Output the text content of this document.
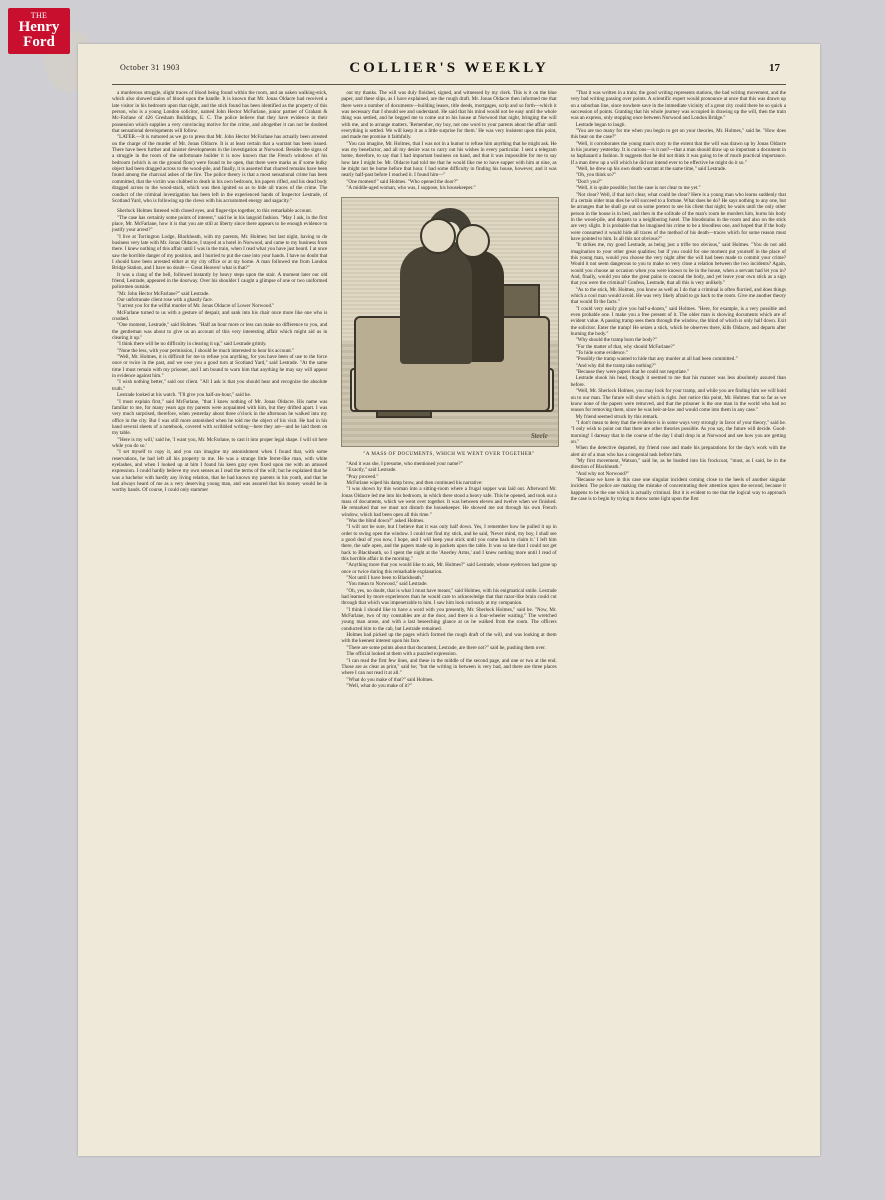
THE
Henry
Ford
October 31 1903	COLLIER'S WEEKLY	17

a murderous struggle, slight traces of blood being found within the room, and an oaken walking-stick, which also showed stains of blood upon the handle. It is known that Mr. Jonas Oldacre had received a late visitor in his bedroom upon that night, and the stick found has been identified as the property of this person, who is a young London solicitor, named John Hector McFarlane, junior partner of Graham & Mc-Farlane of 426 Gresham Buildings, E. C. The police believe that they have evidence in their possession which supplies a very convincing motive for the crime, and altogether it can not be doubted that sensational developments will follow.

"LATER.—It is rumored as we go to press that Mr. John Hector McFarlane has actually been arrested on the charge of the murder of Mr. Jonas Oldacre. It is at least certain that a warrant has been issued. There have been further and sinister developments in the investigation at Norwood. Besides the signs of a struggle in the room of the unfortunate builder it is now known that the French windows of his bedroom (which is on the ground floor) were found to be open, that there were marks as if some bulky object had been dragged across to the wood-pile, and finally, it is asserted that charred remains have been found among the charcoal ashes of the fire. The police theory is that a most sensational crime has been committed, that the victim was clubbed to death in his own bedroom, his papers rifled, and his dead body dragged across to the wood-stack, which was then ignited so as to hide all traces of the crime. The conduct of the criminal investigation has been left in the experienced hands of Inspector Lestrade, of Scotland Yard, who is following up the clews with his accustomed energy and sagacity."

Sherlock Holmes listened with closed eyes, and finger-tips together, to this remarkable account.

"The case has certainly some points of interest," said he in his languid fashion. "May I ask, in the first place, Mr. McFarlane, how it is that you are still at liberty since there appears to be enough evidence to justify your arrest?"

"I live at Torrington Lodge, Blackheath, with my parents, Mr. Holmes; but last night, having to do business very late with Mr. Jonas Oldacre, I stayed at a hotel in Norwood, and came to my business from there. I knew nothing of this affair until I was in the train, when I read what you have just heard. I at once saw the horrible danger of my position, and I hurried to put the case into your hands. I have no doubt that I should have been arrested either at my city office or at my home. A man followed me from London Bridge Station, and I have no doubt— Great Heaven! what is that?"

It was a clang of the bell, followed instantly by heavy steps upon the stair. A moment later our old friend, Lestrade, appeared in the doorway. Over his shoulder I caught a glimpse of one or two uniformed policemen outside.

"Mr. John Hector McFarlane?" said Lestrade.

Our unfortunate client rose with a ghastly face.

"I arrest you for the wilful murder of Mr. Jonas Oldacre of Lower Norwood."

McFarlane turned to us with a gesture of despair, and sank into his chair once more like one who is crushed.

"One moment, Lestrade," said Holmes. "Half an hour more or less can make no difference to you, and the gentleman was about to give us an account of this very interesting affair which might aid us in clearing it up."

"I think there will be no difficulty in clearing it up," said Lestrade grimly.

"None the less, with your permission, I should be much interested to hear his account."

"Well, Mr. Holmes, it is difficult for me to refuse you anything, for you have been of use to the force once or twice in the past, and we owe you a good turn at Scotland Yard," said Lestrade. "At the same time I must remain with my prisoner, and I am bound to warn him that anything he may say will appear in evidence against him."

"I wish nothing better," said our client. "All I ask is that you should hear and recognize the absolute truth."

Lestrade looked at his watch. "I'll give you half-an-hour," said he.

"I must explain first," said McFarlane, "that I knew nothing of Mr. Jonas Oldacre. His name was familiar to me, for many years ago my parents were acquainted with him, but they drifted apart. I was very much surprised, therefore, when yesterday about three o'clock in the afternoon he walked into my office in the city. But I was still more astonished when he told me the object of his visit. He had in his hand several sheets of a notebook, covered with scribbled writing—here they are—and he laid them on my table.

"'Here is my will,' said he, 'I want you, Mr. McFarlane, to cast it into proper legal shape. I will sit here while you do so.'

"I set myself to copy it, and you can imagine my astonishment when I found that, with some reservations, he had left all his property to me. He was a strange little ferret-like man, with white eyelashes, and when I looked up at him I found his keen gray eyes fixed upon me with an amused expression. I could hardly believe my own senses as I read the terms of the will; but he explained that he was a bachelor with hardly any living relation, that he had known my parents in his youth, and that he had always heard of me as a very deserving young man, and was assured that his money would be in worthy hands. Of course, I could only stammer

out my thanks. The will was duly finished, signed, and witnessed by my clerk. This is it on the blue paper, and these slips, as I have explained, are the rough draft. Mr. Jonas Oldacre then informed me that there were a number of documents—building leases, title deeds, mortgages, scrip and so forth—which it was necessary that I should see and understand. He said that his mind would not be easy until the whole thing was settled, and he begged me to come out to his house at Norwood that night, bringing the will with me, and to arrange matters. 'Remember, my boy, not one word to your parents about the affair until everything is settled. We will keep it as a little surprise for them.' He was very insistent upon this point, and made me promise it faithfully.

"You can imagine, Mr. Holmes, that I was not in a humor to refuse him anything that he might ask. He was my benefactor, and all my desire was to carry out his wishes in every particular. I sent a telegram home, therefore, to say that I had important business on hand, and that it was impossible for me to say how late I might be. Mr. Oldacre had told me that he would like me to have supper with him at nine, as he might not be home before that hour. I had some difficulty in finding his house, however, and it was nearly half-past before I reached it. I found him—"

"One moment!" said Holmes. "Who opened the door?"

"A middle-aged woman, who was, I suppose, his housekeeper."

Steele

"A MASS OF DOCUMENTS, WHICH WE WENT OVER TOGETHER"

"And it was she, I presume, who mentioned your name?"

"Exactly," said Lestrade.

"Pray proceed."

McFarlane wiped his damp brow, and then continued his narrative:

"I was shown by this woman into a sitting-room where a frugal supper was laid out. Afterward Mr. Jonas Oldacre led me into his bedroom, in which there stood a heavy safe. This he opened, and took out a mass of documents, which we went over together. It was between eleven and twelve when we finished. He remarked that we must not disturb the housekeeper. He showed me out through his own French window, which had been open all this time."

"Was the blind down?" asked Holmes.

"I will not be sure, but I believe that it was only half down. Yes, I remember how he pulled it up in order to swing open the window. I could not find my stick, and he said, 'Never mind, my boy, I shall see a good deal of you now, I hope, and I will keep your stick until you come back to claim it.' I left him there, the safe open, and the papers made up in packets upon the table. It was so late that I could not get back to Blackheath, so I spent the night at the 'Anerley Arms,' and I knew nothing more until I read of this horrible affair in the morning."

"Anything more that you would like to ask, Mr. Holmes?" said Lestrade, whose eyebrows had gone up once or twice during this remarkable explanation.

"Not until I have been to Blackheath."

"You mean to Norwood," said Lestrade.

"Oh, yes, no doubt, that is what I must have meant," said Holmes, with his enigmatical smile. Lestrade had learned by more experiences than he would care to acknowledge that that razor-like brain could cut through that which was impenetrable to him. I saw him look curiously at my companion.

"I think I should like to have a word with you presently, Mr. Sherlock Holmes," said he. "Now, Mr. McFarlane, two of my constables are at the door, and there is a four-wheeler waiting." The wretched young man arose, and with a last beseeching glance at us he walked from the room. The officers conducted him to the cab, but Lestrade remained.

Holmes had picked up the pages which formed the rough draft of the will, and was looking at them with the keenest interest upon his face.

"There are some points about that document, Lestrade, are there not?" said he, pushing them over.

The official looked at them with a puzzled expression.

"I can read the first few lines, and these in the middle of the second page, and one or two at the end. Those are as clear as print," said he; "but the writing in between is very bad, and there are three places where I can not read it at all."

"What do you make of that?" said Holmes.

"Well, what do you make of it?"

"That it was written in a train; the good writing represents stations, the bad writing movement, and the very bad writing passing over points. A scientific expert would pronounce at once that this was drawn up on a suburban line, since nowhere save in the immediate vicinity of a great city could there be so quick a succession of points. Granting that his whole journey was occupied in drawing up the will, then the train was an express, only stopping once between Norwood and London Bridge."

Lestrade began to laugh.

"You are too many for me when you begin to get on your theories, Mr. Holmes," said he. "How does this bear on the case?"

"Well, it corroborates the young man's story to the extent that the will was drawn up by Jonas Oldacre in his journey yesterday. It is curious—is it not?—that a man should draw up so important a document in so haphazard a fashion. It suggests that he did not think it was going to be of much practical importance. If a man drew up a will which he did not intend ever to be effective he might do it so."

"Well, he drew up his own death warrant at the same time," said Lestrade.

"Oh, you think so?"

"Don't you?"

"Well, it is quite possible; but the case is not clear to me yet."

"Not clear? Well, if that isn't clear, what could be clear? Here is a young man who learns suddenly that if a certain older man dies he will succeed to a fortune. What does he do? He says nothing to any one, but he arranges that he shall go out on some pretext to see his client that night; he waits until the only other person in the house is in bed, and then in the solitude of the man's room he murders him, burns his body in the wood-pile, and departs to a neighboring hotel. The bloodstains in the room and also on the stick are very slight. It is probable that he imagined his crime to be a bloodless one, and hoped that if the body were consumed it would hide all traces of the method of his death—traces which for some reason must have pointed to him. Is all this not obvious?"

"It strikes me, my good Lestrade, as being just a trifle too obvious," said Holmes. "You do not add imagination to your other great qualities; but if you could for one moment put yourself in the place of this young man, would you choose the very night after the will had been made to commit your crime? Would it not seem dangerous to you to make so very close a relation between the two incidents? Again, would you choose an occasion when you were known to be in the house, when a servant had let you in? And, finally, would you take the great pains to conceal the body, and yet leave your own stick as a sign that you were the criminal? Confess, Lestrade, that all this is very unlikely."

"As to the stick, Mr. Holmes, you know as well as I do that a criminal is often flurried, and does things which a cool man would avoid. He was very likely afraid to go back to the room. Give me another theory that would fit the facts."

"I could very easily give you half-a-dozen," said Holmes. "Here, for example, is a very possible and even probable one. I make you a free present of it. The older man is showing documents which are of evident value. A passing tramp sees them through the window, the blind of which is only half down. Exit the solicitor. Enter the tramp! He seizes a stick, which he observes there, kills Oldacre, and departs after burning the body."

"Why should the tramp burn the body?"

"For the matter of that, why should McFarlane?"

"To hide some evidence."

"Possibly the tramp wanted to hide that any murder at all had been committed."

"And why did the tramp take nothing?"

"Because they were papers that he could not negotiate."

Lestrade shook his head, though it seemed to me that his manner was less absolutely assured than before.

"Well, Mr. Sherlock Holmes, you may look for your tramp, and while you are finding him we will hold on to our man. The future will show which is right. Just notice this point, Mr. Holmes: that so far as we know none of the papers were removed, and that the prisoner is the one man in the world who had no reason for removing them, since he was heir-at-law and would come into them in any case."

My friend seemed struck by this remark.

"I don't mean to deny that the evidence is in some ways very strongly in favor of your theory," said he. "I only wish to point out that there are other theories possible. As you say, the future will decide. Good-morning! I daresay that in the course of the day I shall drop in at Norwood and see how you are getting on."

When the detective departed, my friend rose and made his preparations for the day's work with the alert air of a man who has a congenial task before him.

"My first movement, Watson," said he, as he bustled into his frockcoat, "must, as I said, be in the direction of Blackheath."

"And why not Norwood?"

"Because we have in this case one singular incident coming close to the heels of another singular incident. The police are making the mistake of concentrating their attention upon the second, because it happens to be the one which is actually criminal. But it is evident to me that the logical way to approach the case is to begin by trying to throw some light upon the first
